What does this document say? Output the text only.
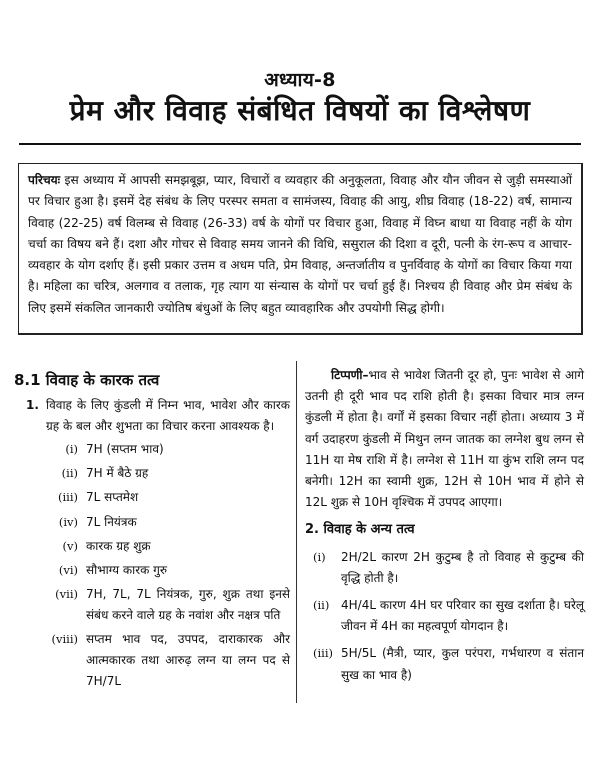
अध्याय-8
प्रेम और विवाह संबंधित विषयों का विश्लेषण
परिचयः इस अध्याय में आपसी समझबूझ, प्यार, विचारों व व्यवहार की अनुकूलता, विवाह और यौन जीवन से जुड़ी समस्याओं पर विचार हुआ है। इसमें देह संबंध के लिए परस्पर समता व सामंजस्य, विवाह की आयु, शीघ्र विवाह (18-22) वर्ष, सामान्य विवाह (22-25) वर्ष विलम्ब से विवाह (26-33) वर्ष के योगों पर विचार हुआ, विवाह में विघ्न बाधा या विवाह नहीं के योग चर्चा का विषय बने हैं। दशा और गोचर से विवाह समय जानने की विधि, ससुराल की दिशा व दूरी, पत्नी के रंग-रूप व आचार-व्यवहार के योग दर्शाए हैं। इसी प्रकार उत्तम व अधम पति, प्रेम विवाह, अन्तर्जातीय व पुनर्विवाह के योगों का विचार किया गया है। महिला का चरित्र, अलगाव व तलाक, गृह त्याग या संन्यास के योगों पर चर्चा हुई हैं। निश्चय ही विवाह और प्रेम संबंध के लिए इसमें संकलित जानकारी ज्योतिष बंधुओं के लिए बहुत व्यावहारिक और उपयोगी सिद्ध होगी।
8.1 विवाह के कारक तत्व
1. विवाह के लिए कुंडली में निम्न भाव, भावेश और कारक ग्रह के बल और शुभता का विचार करना आवश्यक है।
(i) 7H (सप्तम भाव)
(ii) 7H में बैठे ग्रह
(iii) 7L सप्तमेश
(iv) 7L नियंत्रक
(v) कारक ग्रह शुक्र
(vi) सौभाग्य कारक गुरु
(vii) 7H, 7L, 7L नियंत्रक, गुरु, शुक्र तथा इनसे संबंध करने वाले ग्रह के नवांश और नक्षत्र पति
(viii) सप्तम भाव पद, उपपद, दाराकारक और आत्मकारक तथा आरुढ़ लग्न या लग्न पद से 7H/7L
टिप्पणी–भाव से भावेश जितनी दूर हो, पुनः भावेश से आगे उतनी ही दूरी भाव पद राशि होती है। इसका विचार मात्र लग्न कुंडली में होता है। वर्गों में इसका विचार नहीं होता। अध्याय 3 में वर्ग उदाहरण कुंडली में मिथुन लग्न जातक का लग्नेश बुध लग्न से 11H या मेष राशि में है। लग्नेश से 11H या कुंभ राशि लग्न पद बनेगी। 12H का स्वामी शुक्र, 12H से 10H भाव में होने से 12L शुक्र से 10H वृश्चिक में उपपद आएगा।
2. विवाह के अन्य तत्व
(i)	2H/2L कारण 2H कुटुम्ब है तो विवाह से कुटुम्ब की वृद्धि होती है।
(ii) 4H/4L कारण 4H घर परिवार का सुख दर्शाता है। घरेलू जीवन में 4H का महत्वपूर्ण योगदान है।
(iii) 5H/5L (मैत्री, प्यार, कुल परंपरा, गर्भधारण व संतान सुख का भाव है)
